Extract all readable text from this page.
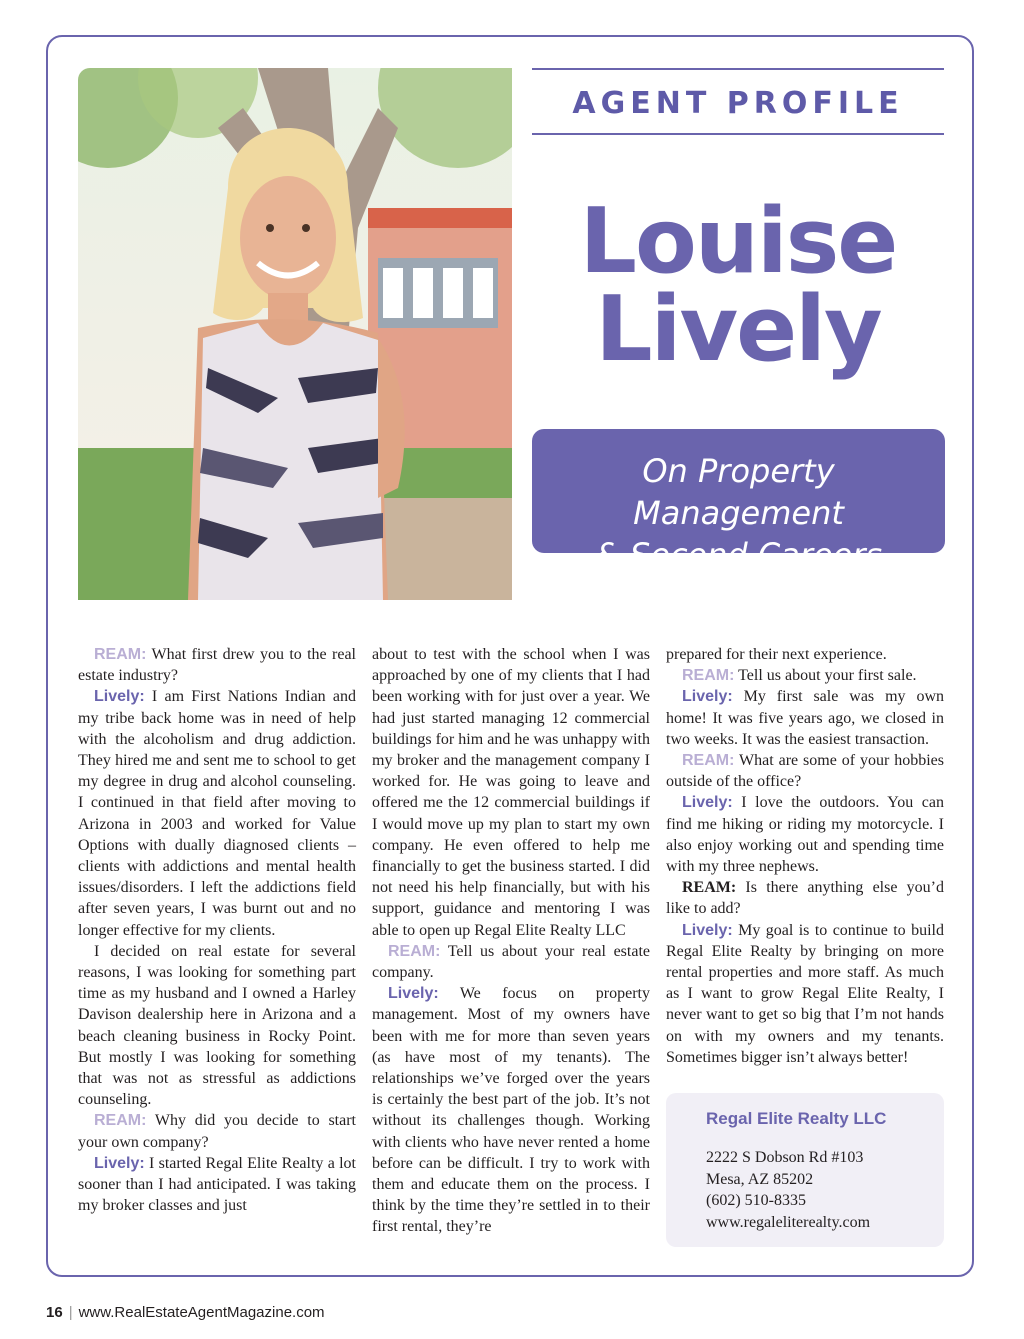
AGENT PROFILE
Louise
Lively
On Property Management
& Second Careers

REAM: What first drew you to the real estate industry?

Lively: I am First Nations Indian and my tribe back home was in need of help with the alcoholism and drug addiction. They hired me and sent me to school to get my degree in drug and alcohol counseling. I continued in that field after moving to Arizona in 2003 and worked for Value Options with dually diagnosed clients – clients with addictions and mental health issues/disorders. I left the addictions field after seven years, I was burnt out and no longer effective for my clients.

I decided on real estate for several reasons, I was looking for something part time as my husband and I owned a Harley Davison dealership here in Arizona and a beach cleaning business in Rocky Point. But mostly I was looking for something that was not as stressful as addictions counseling.

REAM: Why did you decide to start your own company?

Lively: I started Regal Elite Realty a lot sooner than I had anticipated. I was taking my broker classes and just

about to test with the school when I was approached by one of my clients that I had been working with for just over a year. We had just started managing 12 commercial buildings for him and he was unhappy with my broker and the management company I worked for. He was going to leave and offered me the 12 commercial buildings if I would move up my plan to start my own company. He even offered to help me financially to get the business started. I did not need his help financially, but with his support, guidance and mentoring I was able to open up Regal Elite Realty LLC

REAM: Tell us about your real estate company.

Lively: We focus on property management. Most of my owners have been with me for more than seven years (as have most of my tenants). The relationships we’ve forged over the years is certainly the best part of the job. It’s not without its challenges though. Working with clients who have never rented a home before can be difficult. I try to work with them and educate them on the process. I think by the time they’re settled in to their first rental, they’re

prepared for their next experience.

REAM: Tell us about your first sale.

Lively: My first sale was my own home! It was five years ago, we closed in two weeks. It was the easiest transaction.

REAM: What are some of your hobbies outside of the office?

Lively: I love the outdoors. You can find me hiking or riding my motorcycle. I also enjoy working out and spending time with my three nephews.

REAM: Is there anything else you’d like to add?

Lively: My goal is to continue to build Regal Elite Realty by bringing on more rental properties and more staff. As much as I want to grow Regal Elite Realty, I never want to get so big that I’m not hands on with my owners and my tenants. Sometimes bigger isn’t always better!

Regal Elite Realty LLC
2222 S Dobson Rd #103
Mesa, AZ 85202
(602) 510-8335
www.regaleliterealty.com
16 | www.RealEstateAgentMagazine.com
